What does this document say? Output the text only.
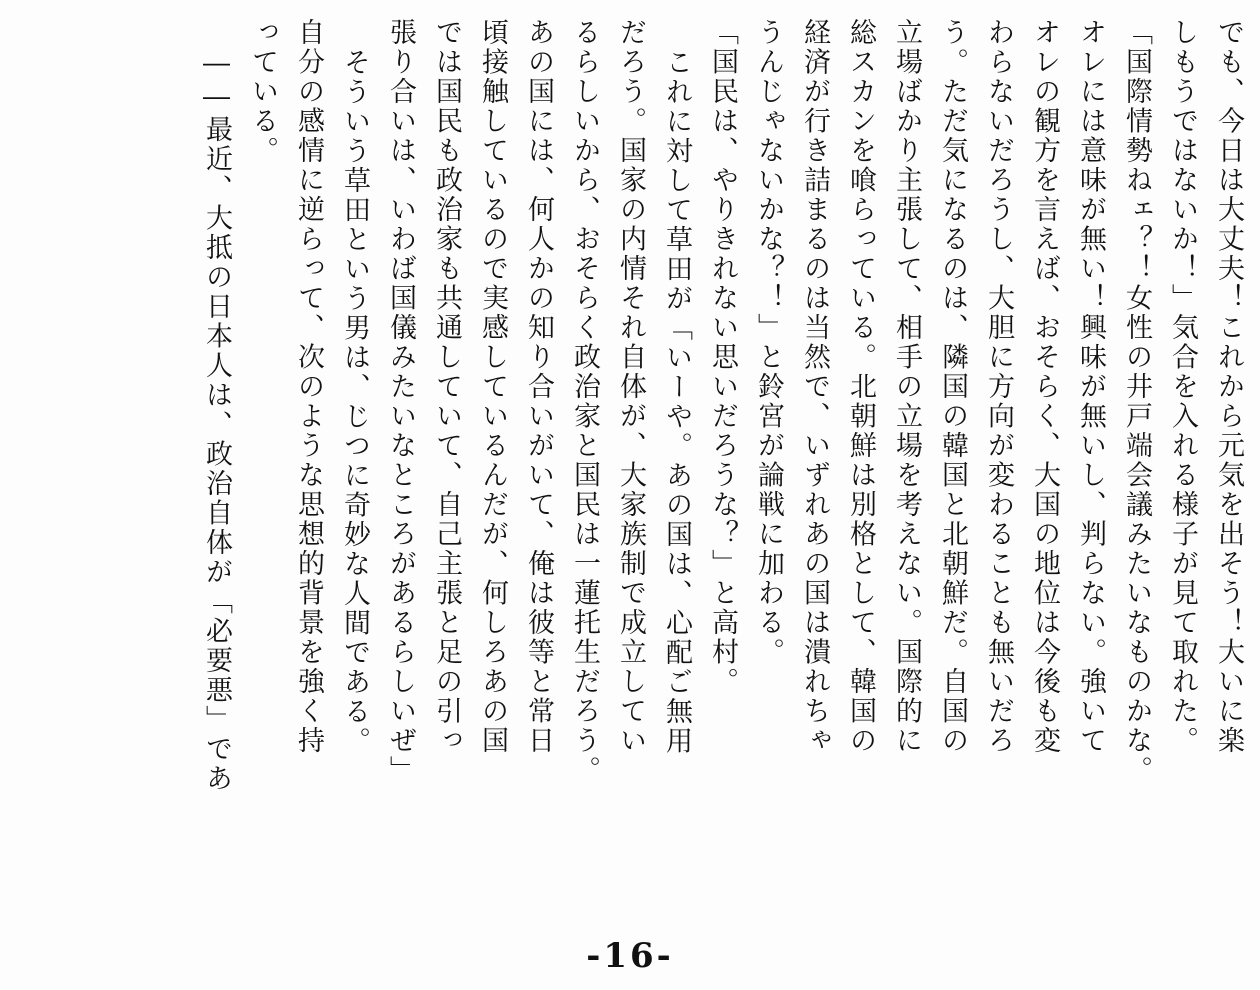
でも、今日は大丈夫！これから元気を出そう！大いに楽
しもうではないか！」気合を入れる様子が見て取れた。
「国際情勢ねェ？！女性の井戸端会議みたいなものかな。
オレには意味が無い！興味が無いし、判らない。強いて
オレの観方を言えば、おそらく、大国の地位は今後も変
わらないだろうし、大胆に方向が変わることも無いだろ
う。ただ気になるのは、隣国の韓国と北朝鮮だ。自国の
立場ばかり主張して、相手の立場を考えない。国際的に
総スカンを喰らっている。北朝鮮は別格として、韓国の
経済が行き詰まるのは当然で、いずれあの国は潰れちゃ
うんじゃないかな？！」と鈴宮が論戦に加わる。
「国民は、やりきれない思いだろうな？」と高村。
これに対して草田が「いーや。あの国は、心配ご無用
だろう。国家の内情それ自体が、大家族制で成立してい
るらしいから、おそらく政治家と国民は一蓮托生だろう。
あの国には、何人かの知り合いがいて、俺は彼等と常日
頃接触しているので実感しているんだが、何しろあの国
では国民も政治家も共通していて、自己主張と足の引っ
張り合いは、いわば国儀みたいなところがあるらしいぜ」
そういう草田という男は、じつに奇妙な人間である。
自分の感情に逆らって、次のような思想的背景を強く持
っている。
――最近、大抵の日本人は、政治自体が「必要悪」であ
-16-
